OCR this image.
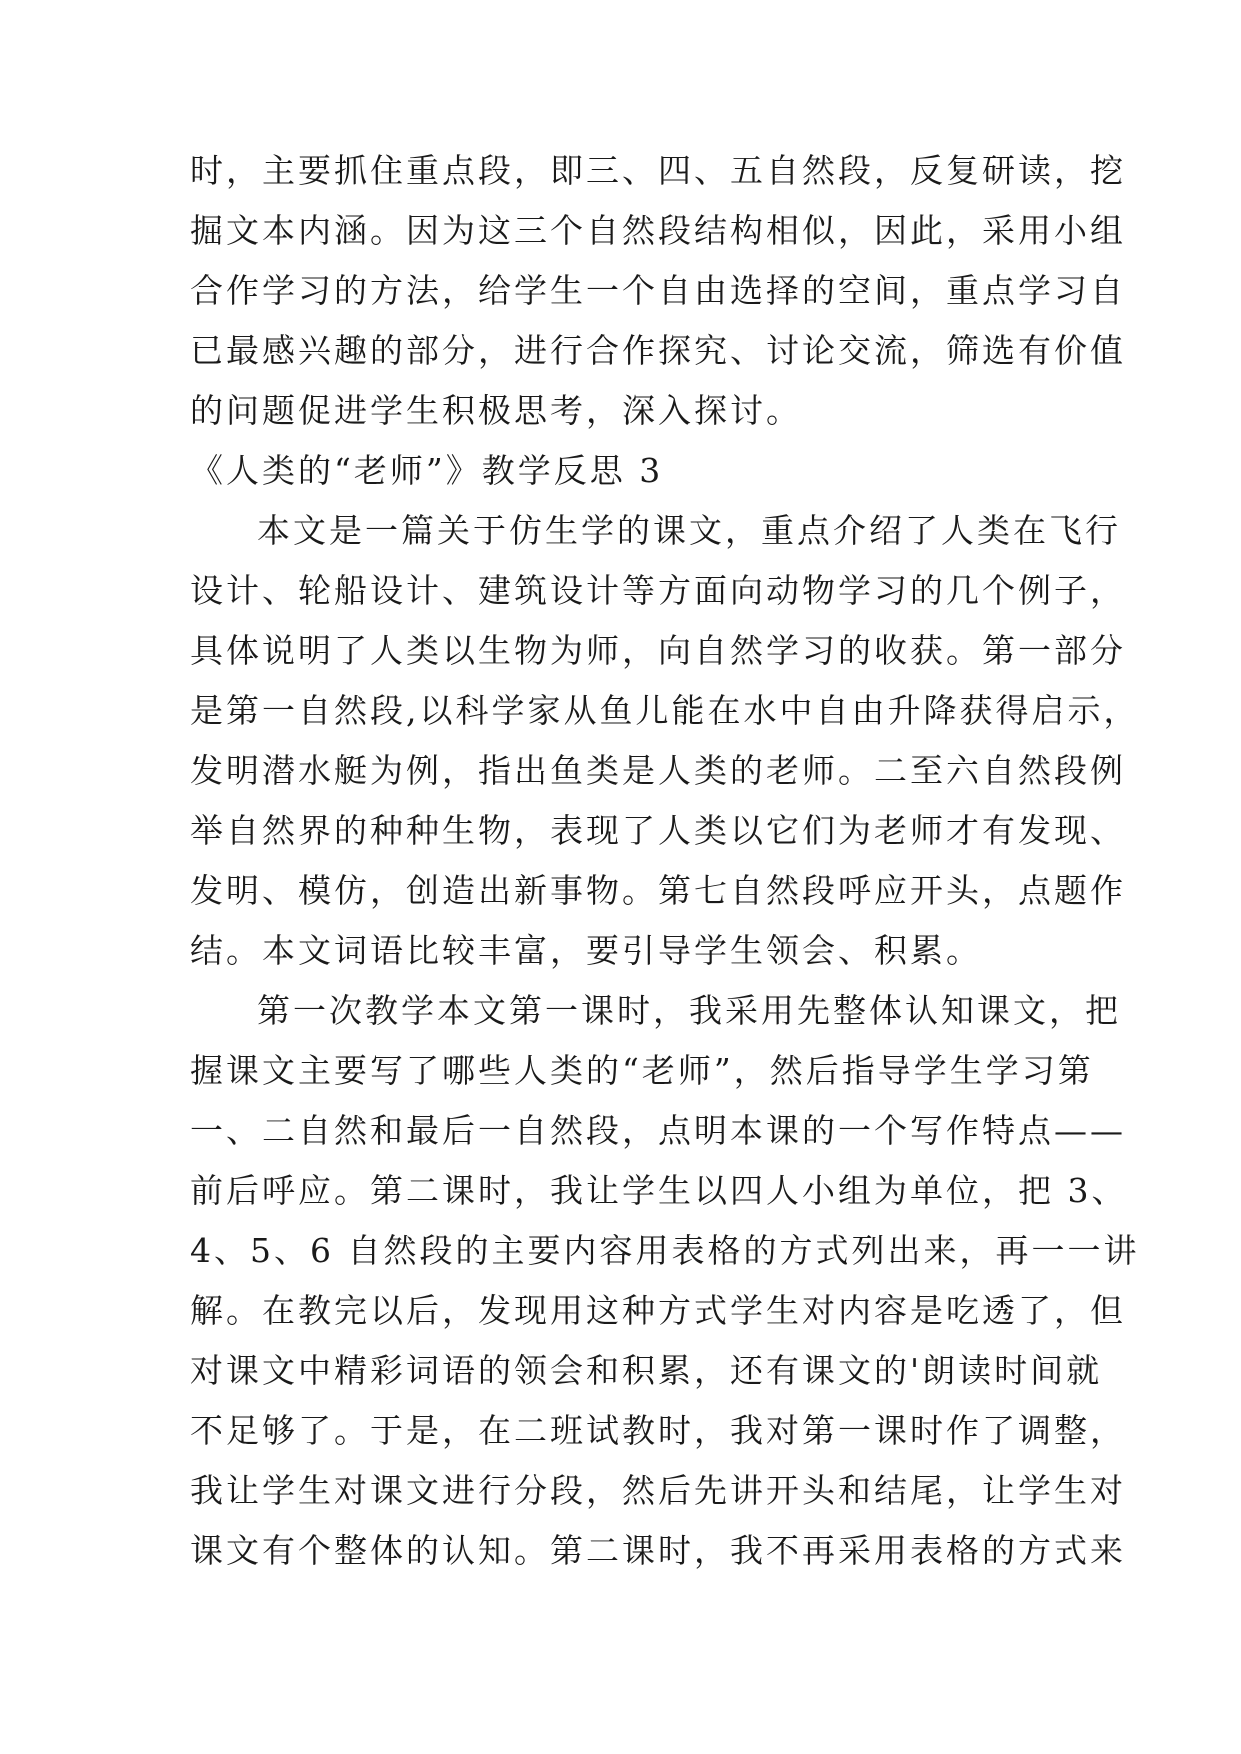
时，主要抓住重点段，即三、四、五自然段，反复研读，挖
掘文本内涵。因为这三个自然段结构相似，因此，采用小组
合作学习的方法，给学生一个自由选择的空间，重点学习自
已最感兴趣的部分，进行合作探究、讨论交流，筛选有价值
的问题促进学生积极思考，深入探讨。
《人类的“老师”》教学反思 3
本文是一篇关于仿生学的课文，重点介绍了人类在飞行
设计、轮船设计、建筑设计等方面向动物学习的几个例子，
具体说明了人类以生物为师，向自然学习的收获。第一部分
是第一自然段,以科学家从鱼儿能在水中自由升降获得启示，
发明潜水艇为例，指出鱼类是人类的老师。二至六自然段例
举自然界的种种生物，表现了人类以它们为老师才有发现、
发明、模仿，创造出新事物。第七自然段呼应开头，点题作
结。本文词语比较丰富，要引导学生领会、积累。
第一次教学本文第一课时，我采用先整体认知课文，把
握课文主要写了哪些人类的“老师”，然后指导学生学习第
一、二自然和最后一自然段，点明本课的一个写作特点——
前后呼应。第二课时，我让学生以四人小组为单位，把 3、
4、5、6 自然段的主要内容用表格的方式列出来，再一一讲
解。在教完以后，发现用这种方式学生对内容是吃透了，但
对课文中精彩词语的领会和积累，还有课文的'朗读时间就
不足够了。于是，在二班试教时，我对第一课时作了调整，
我让学生对课文进行分段，然后先讲开头和结尾，让学生对
课文有个整体的认知。第二课时，我不再采用表格的方式来
